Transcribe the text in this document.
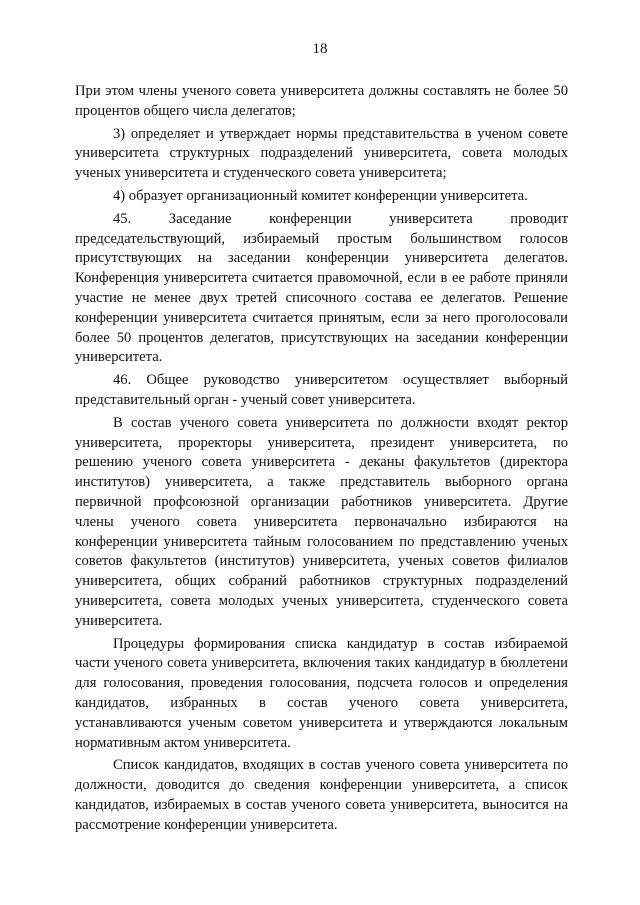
18

При этом члены ученого совета университета должны составлять не более 50 процентов общего числа делегатов;

3) определяет и утверждает нормы представительства в ученом совете университета структурных подразделений университета, совета молодых ученых университета и студенческого совета университета;

4) образует организационный комитет конференции университета.

45. Заседание конференции университета проводит председательствующий, избираемый простым большинством голосов присутствующих на заседании конференции университета делегатов. Конференция университета считается правомочной, если в ее работе приняли участие не менее двух третей списочного состава ее делегатов. Решение конференции университета считается принятым, если за него проголосовали более 50 процентов делегатов, присутствующих на заседании конференции университета.

46. Общее руководство университетом осуществляет выборный представительный орган - ученый совет университета.

В состав ученого совета университета по должности входят ректор университета, проректоры университета, президент университета, по решению ученого совета университета - деканы факультетов (директора институтов) университета, а также представитель выборного органа первичной профсоюзной организации работников университета. Другие члены ученого совета университета первоначально избираются на конференции университета тайным голосованием по представлению ученых советов факультетов (институтов) университета, ученых советов филиалов университета, общих собраний работников структурных подразделений университета, совета молодых ученых университета, студенческого совета университета.

Процедуры формирования списка кандидатур в состав избираемой части ученого совета университета, включения таких кандидатур в бюллетени для голосования, проведения голосования, подсчета голосов и определения кандидатов, избранных в состав ученого совета университета, устанавливаются ученым советом университета и утверждаются локальным нормативным актом университета.

Список кандидатов, входящих в состав ученого совета университета по должности, доводится до сведения конференции университета, а список кандидатов, избираемых в состав ученого совета университета, выносится на рассмотрение конференции университета.
